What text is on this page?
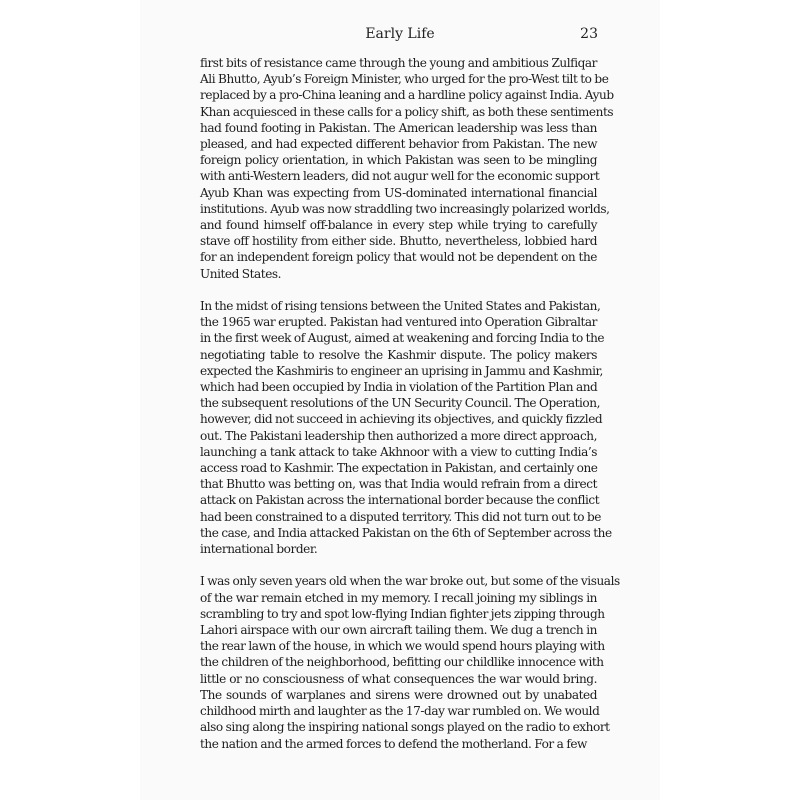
Early Life	23
first bits of resistance came through the young and ambitious Zulfiqar
Ali Bhutto, Ayub’s Foreign Minister, who urged for the pro-West tilt to be
replaced by a pro-China leaning and a hardline policy against India. Ayub
Khan acquiesced in these calls for a policy shift, as both these sentiments
had found footing in Pakistan. The American leadership was less than
pleased, and had expected different behavior from Pakistan. The new
foreign policy orientation, in which Pakistan was seen to be mingling
with anti-Western leaders, did not augur well for the economic support
Ayub Khan was expecting from US-dominated international financial
institutions. Ayub was now straddling two increasingly polarized worlds,
and found himself off-balance in every step while trying to carefully
stave off hostility from either side. Bhutto, nevertheless, lobbied hard
for an independent foreign policy that would not be dependent on the
United States.
In the midst of rising tensions between the United States and Pakistan,
the 1965 war erupted. Pakistan had ventured into Operation Gibraltar
in the first week of August, aimed at weakening and forcing India to the
negotiating table to resolve the Kashmir dispute. The policy makers
expected the Kashmiris to engineer an uprising in Jammu and Kashmir,
which had been occupied by India in violation of the Partition Plan and
the subsequent resolutions of the UN Security Council. The Operation,
however, did not succeed in achieving its objectives, and quickly fizzled
out. The Pakistani leadership then authorized a more direct approach,
launching a tank attack to take Akhnoor with a view to cutting India’s
access road to Kashmir. The expectation in Pakistan, and certainly one
that Bhutto was betting on, was that India would refrain from a direct
attack on Pakistan across the international border because the conflict
had been constrained to a disputed territory. This did not turn out to be
the case, and India attacked Pakistan on the 6th of September across the
international border.
I was only seven years old when the war broke out, but some of the visuals
of the war remain etched in my memory. I recall joining my siblings in
scrambling to try and spot low-flying Indian fighter jets zipping through
Lahori airspace with our own aircraft tailing them. We dug a trench in
the rear lawn of the house, in which we would spend hours playing with
the children of the neighborhood, befitting our childlike innocence with
little or no consciousness of what consequences the war would bring.
The sounds of warplanes and sirens were drowned out by unabated
childhood mirth and laughter as the 17-day war rumbled on. We would
also sing along the inspiring national songs played on the radio to exhort
the nation and the armed forces to defend the motherland. For a few
